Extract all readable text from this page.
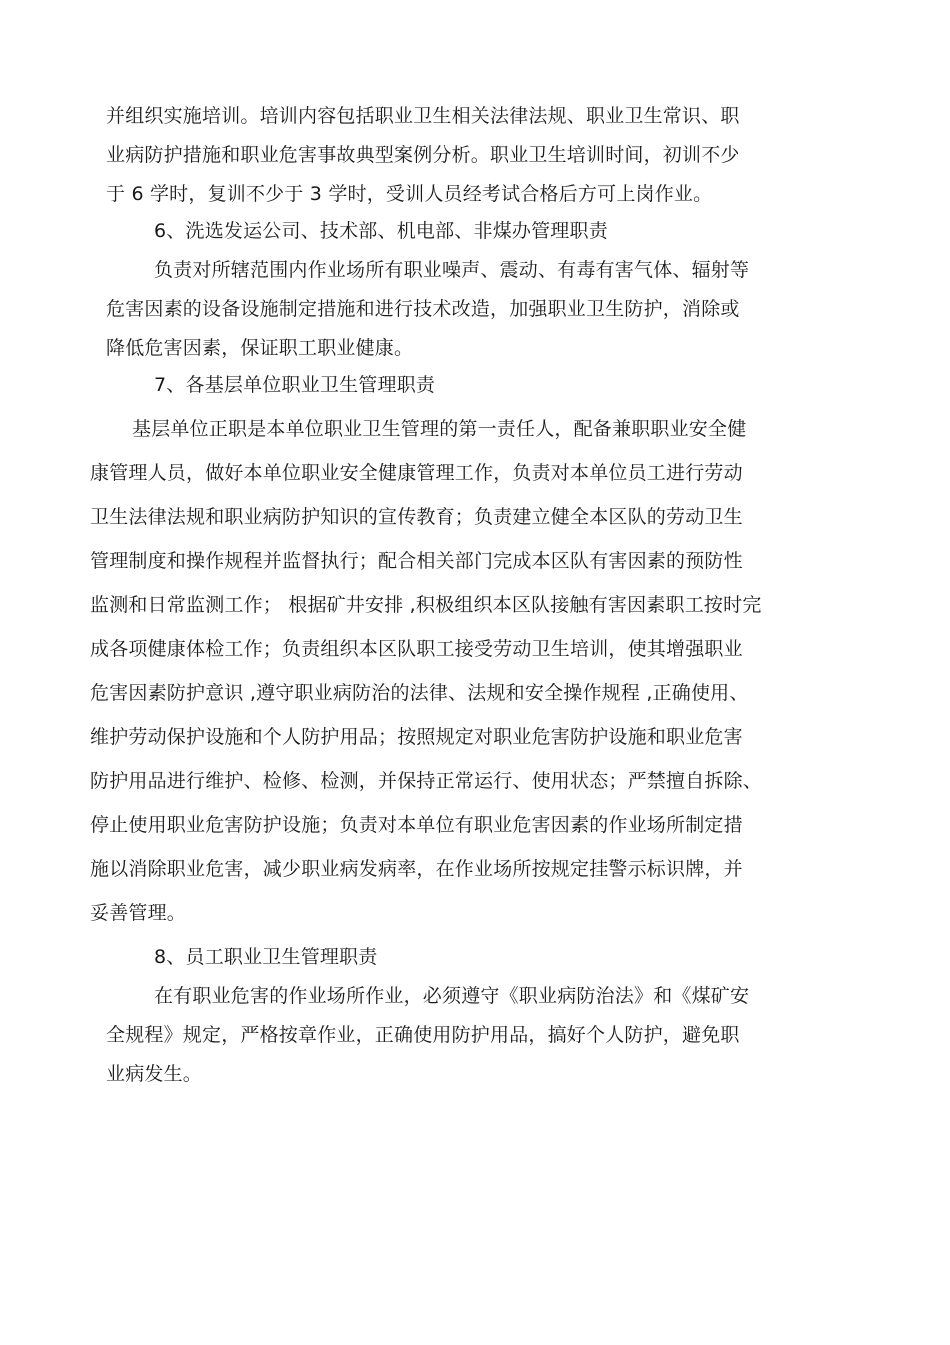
并组织实施培训。培训内容包括职业卫生相关法律法规、职业卫生常识、职
业病防护措施和职业危害事故典型案例分析。职业卫生培训时间，初训不少
于 6 学时，复训不少于 3 学时，受训人员经考试合格后方可上岗作业。
6、洗选发运公司、技术部、机电部、非煤办管理职责
负责对所辖范围内作业场所有职业噪声、震动、有毒有害气体、辐射等
危害因素的设备设施制定措施和进行技术改造，加强职业卫生防护，消除或
降低危害因素，保证职工职业健康。
7、各基层单位职业卫生管理职责
基层单位正职是本单位职业卫生管理的第一责任人，配备兼职职业安全健
康管理人员，做好本单位职业安全健康管理工作，负责对本单位员工进行劳动
卫生法律法规和职业病防护知识的宣传教育；负责建立健全本区队的劳动卫生
管理制度和操作规程并监督执行；配合相关部门完成本区队有害因素的预防性
监测和日常监测工作； 根据矿井安排 ,积极组织本区队接触有害因素职工按时完
成各项健康体检工作；负责组织本区队职工接受劳动卫生培训，使其增强职业
危害因素防护意识 ,遵守职业病防治的法律、法规和安全操作规程 ,正确使用、
维护劳动保护设施和个人防护用品；按照规定对职业危害防护设施和职业危害
防护用品进行维护、检修、检测，并保持正常运行、使用状态；严禁擅自拆除、
停止使用职业危害防护设施；负责对本单位有职业危害因素的作业场所制定措
施以消除职业危害，减少职业病发病率，在作业场所按规定挂警示标识牌，并
妥善管理。
8、员工职业卫生管理职责
在有职业危害的作业场所作业，必须遵守《职业病防治法》和《煤矿安
全规程》规定，严格按章作业，正确使用防护用品，搞好个人防护，避免职
业病发生。
